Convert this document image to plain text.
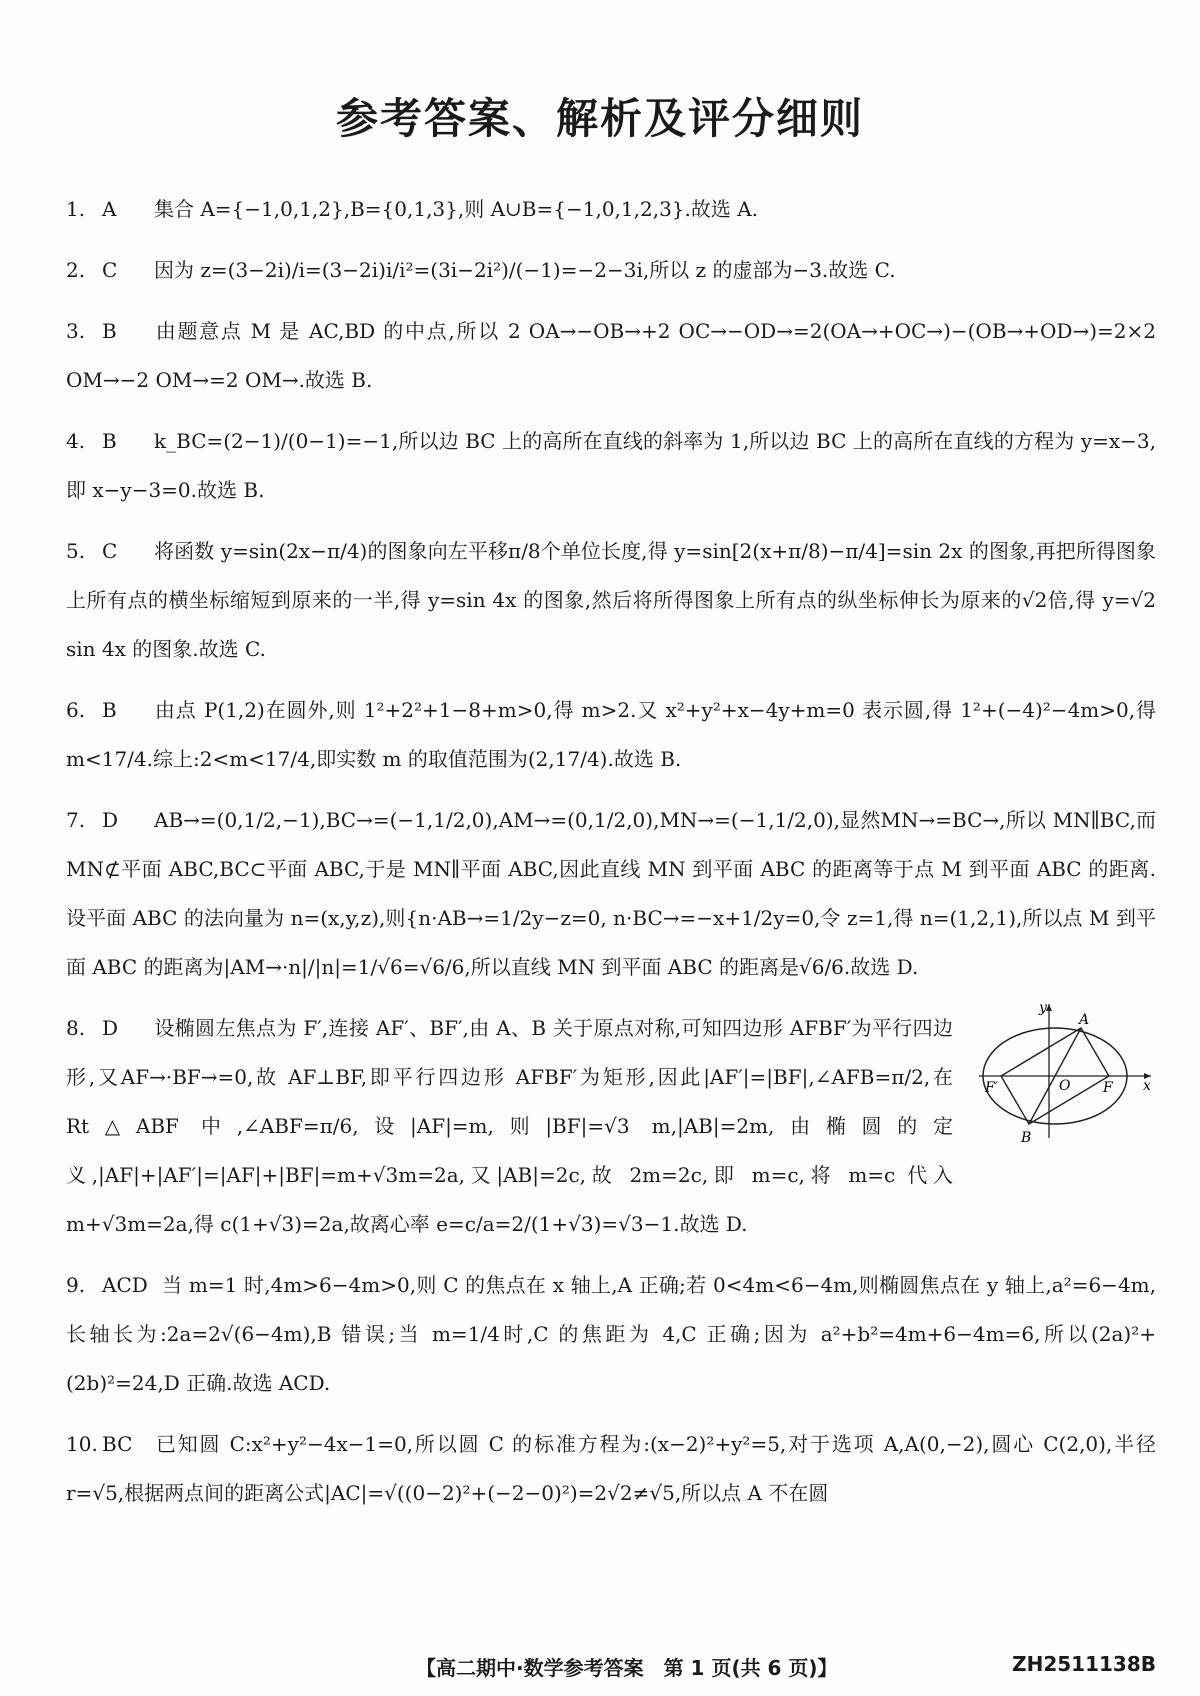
参考答案、解析及评分细则
1. A 集合 A={−1,0,1,2},B={0,1,3},则 A∪B={−1,0,1,2,3}.故选 A.
2. C 因为 z=(3−2i)/i=(3−2i)i/i²=(3i−2i²)/(−1)=−2−3i,所以 z 的虚部为−3.故选 C.
3. B 由题意点 M 是 AC,BD 的中点,所以 2 OA→−OB→+2 OC→−OD→=2(OA→+OC→)−(OB→+OD→)=2×2 OM→−2 OM→=2 OM→.故选 B.
4. B k_BC=(2−1)/(0−1)=−1,所以边 BC 上的高所在直线的斜率为 1,所以边 BC 上的高所在直线的方程为 y=x−3,即 x−y−3=0.故选 B.
5. C 将函数 y=sin(2x−π/4)的图象向左平移π/8个单位长度,得 y=sin[2(x+π/8)−π/4]=sin 2x 的图象,再把所得图象上所有点的横坐标缩短到原来的一半,得 y=sin 4x 的图象,然后将所得图象上所有点的纵坐标伸长为原来的√2倍,得 y=√2 sin 4x 的图象.故选 C.
6. B 由点 P(1,2)在圆外,则 1²+2²+1−8+m>0,得 m>2.又 x²+y²+x−4y+m=0 表示圆,得 1²+(−4)²−4m>0,得 m<17/4.综上:2<m<17/4,即实数 m 的取值范围为(2,17/4).故选 B.
7. D AB→=(0,1/2,−1),BC→=(−1,1/2,0),AM→=(0,1/2,0),MN→=(−1,1/2,0),显然MN→=BC→,所以 MN∥BC,而 MN⊄平面 ABC,BC⊂平面 ABC,于是 MN∥平面 ABC,因此直线 MN 到平面 ABC 的距离等于点 M 到平面 ABC 的距离.设平面 ABC 的法向量为 n=(x,y,z),则{n·AB→=1/2y−z=0, n·BC→=−x+1/2y=0,令 z=1,得 n=(1,2,1),所以点 M 到平面 ABC 的距离为|AM→·n|/|n|=1/√6=√6/6,所以直线 MN 到平面 ABC 的距离是√6/6.故选 D.
y
x
A
B
O F
F′
8. D 设椭圆左焦点为 F′,连接 AF′、BF′,由 A、B 关于原点对称,可知四边形 AFBF′为平行四边形,又AF→·BF→=0,故 AF⊥BF,即平行四边形 AFBF′为矩形,因此|AF′|=|BF|,∠AFB=π/2,在 Rt△ABF 中,∠ABF=π/6,设|AF|=m,则|BF|=√3 m,|AB|=2m,由椭圆的定义,|AF|+|AF′|=|AF|+|BF|=m+√3m=2a,又|AB|=2c,故 2m=2c,即 m=c,将 m=c 代入 m+√3m=2a,得 c(1+√3)=2a,故离心率 e=c/a=2/(1+√3)=√3−1.故选 D.
9. ACD 当 m=1 时,4m>6−4m>0,则 C 的焦点在 x 轴上,A 正确;若 0<4m<6−4m,则椭圆焦点在 y 轴上,a²=6−4m,长轴长为:2a=2√(6−4m),B 错误;当 m=1/4时,C 的焦距为 4,C 正确;因为 a²+b²=4m+6−4m=6,所以(2a)²+(2b)²=24,D 正确.故选 ACD.
10. BC 已知圆 C:x²+y²−4x−1=0,所以圆 C 的标准方程为:(x−2)²+y²=5,对于选项 A,A(0,−2),圆心 C(2,0),半径 r=√5,根据两点间的距离公式|AC|=√((0−2)²+(−2−0)²)=2√2≠√5,所以点 A 不在圆
【高二期中·数学参考答案　第 1 页(共 6 页)】	ZH2511138B
